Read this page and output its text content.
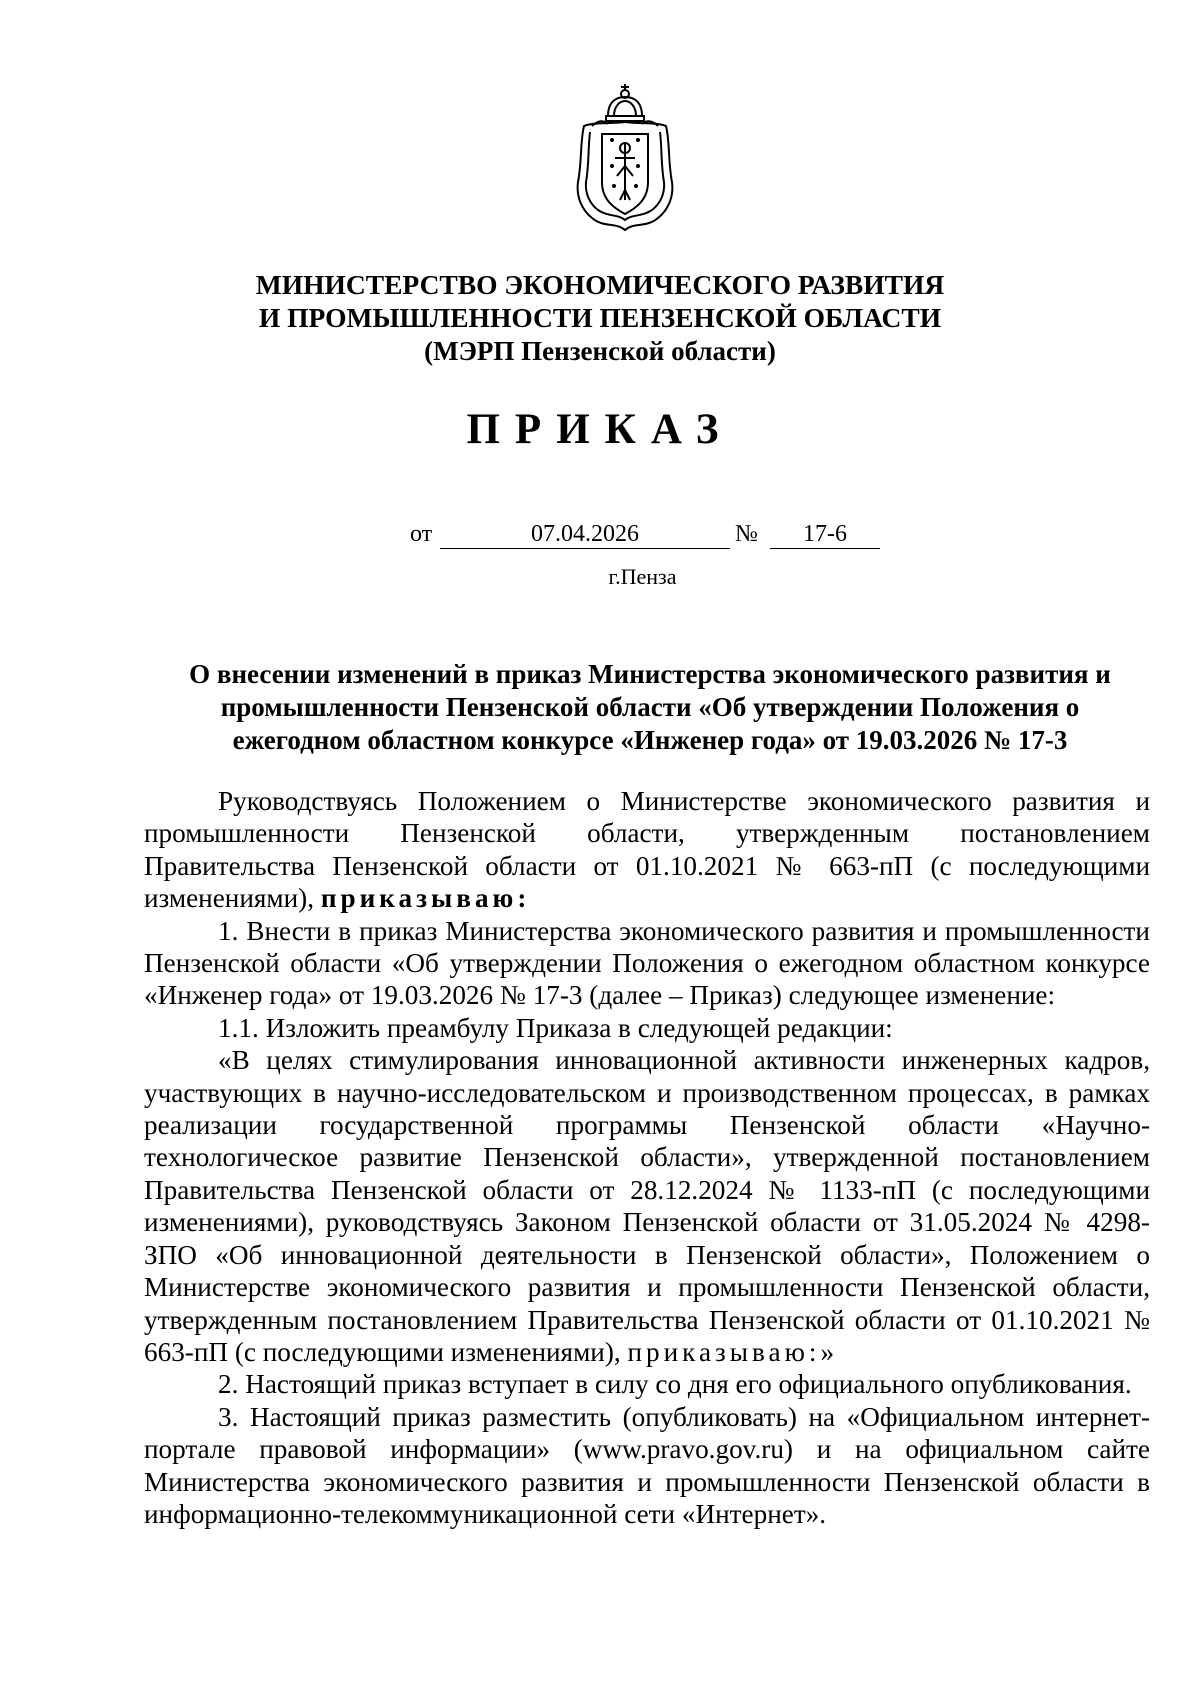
МИНИСТЕРСТВО ЭКОНОМИЧЕСКОГО РАЗВИТИЯ
И ПРОМЫШЛЕННОСТИ ПЕНЗЕНСКОЙ ОБЛАСТИ
(МЭРП Пензенской области)
ПРИКАЗ
от	07.04.2026	№	17-6
г.Пенза
О внесении изменений в приказ Министерства экономического развития и
промышленности Пензенской области «Об утверждении Положения о
ежегодном областном конкурсе «Инженер года» от 19.03.2026 № 17-3

Руководствуясь Положением о Министерстве экономического развития и промышленности Пензенской области, утвержденным постановлением Правительства Пензенской области от 01.10.2021 № 663-пП (с последующими изменениями), приказываю:

1. Внести в приказ Министерства экономического развития и промышленности Пензенской области «Об утверждении Положения о ежегодном областном конкурсе «Инженер года» от 19.03.2026 № 17-3 (далее – Приказ) следующее изменение:

1.1. Изложить преамбулу Приказа в следующей редакции:

«В целях стимулирования инновационной активности инженерных кадров, участвующих в научно-исследовательском и производственном процессах, в рамках реализации государственной программы Пензенской области «Научно-технологическое развитие Пензенской области», утвержденной постановлением Правительства Пензенской области от 28.12.2024 № 1133-пП (с последующими изменениями), руководствуясь Законом Пензенской области от 31.05.2024 № 4298-ЗПО «Об инновационной деятельности в Пензенской области», Положением о Министерстве экономического развития и промышленности Пензенской области, утвержденным постановлением Правительства Пензенской области от 01.10.2021 № 663-пП (с последующими изменениями), приказываю:»

2. Настоящий приказ вступает в силу со дня его официального опубликования.

3. Настоящий приказ разместить (опубликовать) на «Официальном интернет-портале правовой информации» (www.pravo.gov.ru) и на официальном сайте Министерства экономического развития и промышленности Пензенской области в информационно-телекоммуникационной сети «Интернет».
